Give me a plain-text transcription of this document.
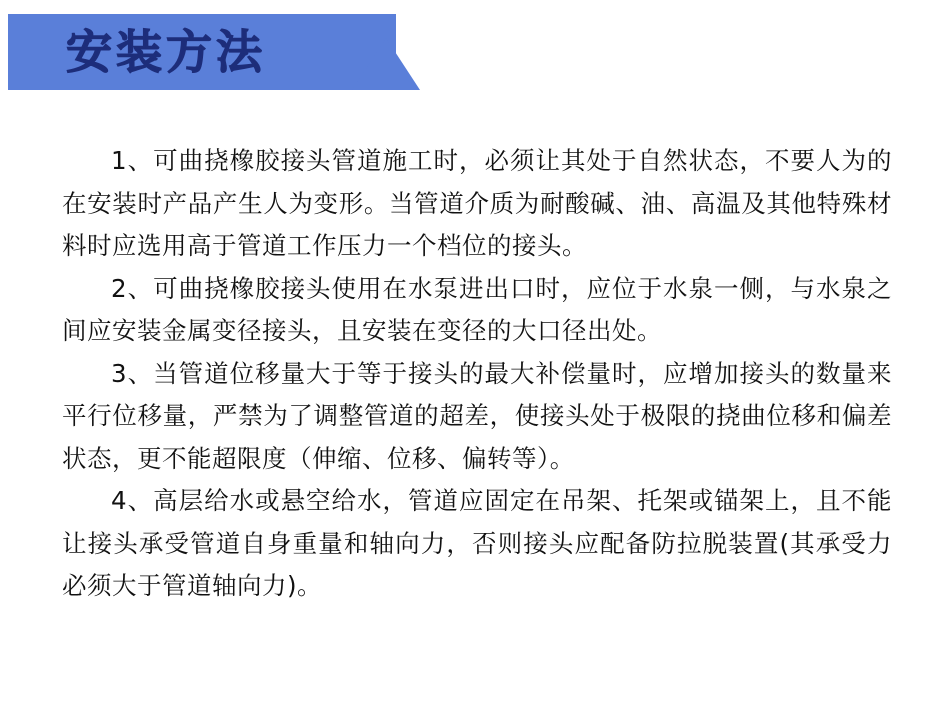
安装方法

1、可曲挠橡胶接头管道施工时，必须让其处于自然状态，不要人为的在安装时产品产生人为变形。当管道介质为耐酸碱、油、高温及其他特殊材料时应选用高于管道工作压力一个档位的接头。

2、可曲挠橡胶接头使用在水泵进出口时，应位于水泉一侧，与水泉之间应安装金属变径接头，且安装在变径的大口径出处。

3、当管道位移量大于等于接头的最大补偿量时，应增加接头的数量来平行位移量，严禁为了调整管道的超差，使接头处于极限的挠曲位移和偏差状态，更不能超限度（伸缩、位移、偏转等）。

4、高层给水或悬空给水，管道应固定在吊架、托架或锚架上，且不能让接头承受管道自身重量和轴向力，否则接头应配备防拉脱装置(其承受力必须大于管道轴向力)。
